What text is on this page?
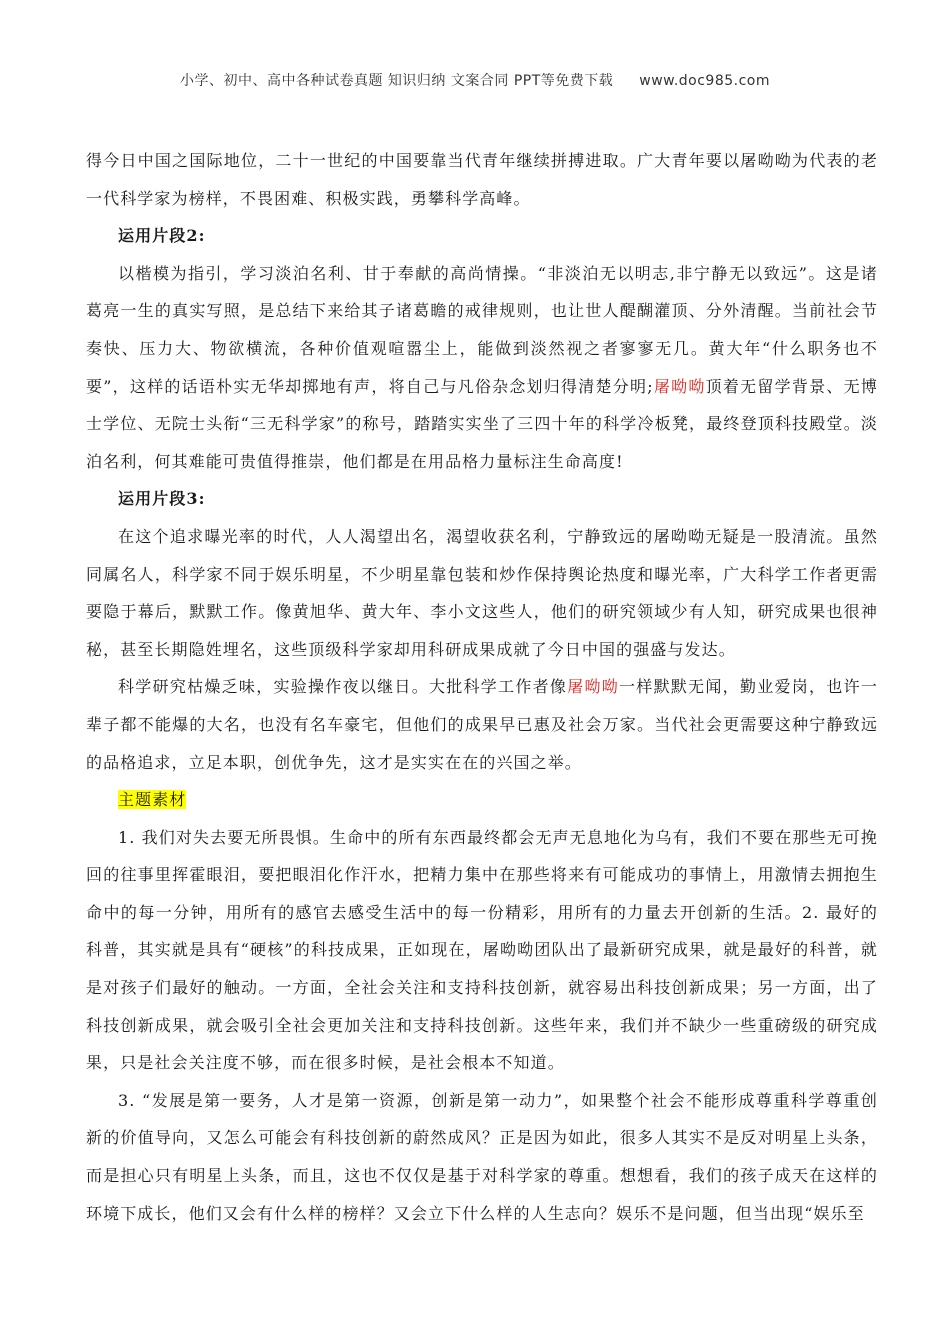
小学、初中、高中各种试卷真题 知识归纳 文案合同 PPT等免费下载 www.doc985.com

得今日中国之国际地位，二十一世纪的中国要靠当代青年继续拼搏进取。广大青年要以屠呦呦为代表的老一代科学家为榜样，不畏困难、积极实践，勇攀科学高峰。

运用片段2:

以楷模为指引，学习淡泊名利、甘于奉献的高尚情操。“非淡泊无以明志,非宁静无以致远”。这是诸葛亮一生的真实写照，是总结下来给其子诸葛瞻的戒律规则，也让世人醍醐灌顶、分外清醒。当前社会节奏快、压力大、物欲横流，各种价值观喧嚣尘上，能做到淡然视之者寥寥无几。黄大年“什么职务也不要”，这样的话语朴实无华却掷地有声，将自己与凡俗杂念划归得清楚分明;屠呦呦顶着无留学背景、无博士学位、无院士头衔“三无科学家”的称号，踏踏实实坐了三四十年的科学冷板凳，最终登顶科技殿堂。淡泊名利，何其难能可贵值得推崇，他们都是在用品格力量标注生命高度!

运用片段3:

在这个追求曝光率的时代，人人渴望出名，渴望收获名利，宁静致远的屠呦呦无疑是一股清流。虽然同属名人，科学家不同于娱乐明星，不少明星靠包装和炒作保持舆论热度和曝光率，广大科学工作者更需要隐于幕后，默默工作。像黄旭华、黄大年、李小文这些人，他们的研究领域少有人知，研究成果也很神秘，甚至长期隐姓埋名，这些顶级科学家却用科研成果成就了今日中国的强盛与发达。

科学研究枯燥乏味，实验操作夜以继日。大批科学工作者像屠呦呦一样默默无闻，勤业爱岗，也许一辈子都不能爆的大名，也没有名车豪宅，但他们的成果早已惠及社会万家。当代社会更需要这种宁静致远的品格追求，立足本职，创优争先，这才是实实在在的兴国之举。

主题素材

1. 我们对失去要无所畏惧。生命中的所有东西最终都会无声无息地化为乌有，我们不要在那些无可挽回的往事里挥霍眼泪，要把眼泪化作汗水，把精力集中在那些将来有可能成功的事情上，用激情去拥抱生命中的每一分钟，用所有的感官去感受生活中的每一份精彩，用所有的力量去开创新的生活。2. 最好的科普，其实就是具有“硬核”的科技成果，正如现在，屠呦呦团队出了最新研究成果，就是最好的科普，就是对孩子们最好的触动。一方面，全社会关注和支持科技创新，就容易出科技创新成果；另一方面，出了科技创新成果，就会吸引全社会更加关注和支持科技创新。这些年来，我们并不缺少一些重磅级的研究成果，只是社会关注度不够，而在很多时候，是社会根本不知道。

3. “发展是第一要务，人才是第一资源，创新是第一动力”，如果整个社会不能形成尊重科学尊重创新的价值导向，又怎么可能会有科技创新的蔚然成风？正是因为如此，很多人其实不是反对明星上头条，而是担心只有明星上头条，而且，这也不仅仅是基于对科学家的尊重。想想看，我们的孩子成天在这样的环境下成长，他们又会有什么样的榜样？又会立下什么样的人生志向？娱乐不是问题，但当出现“娱乐至
